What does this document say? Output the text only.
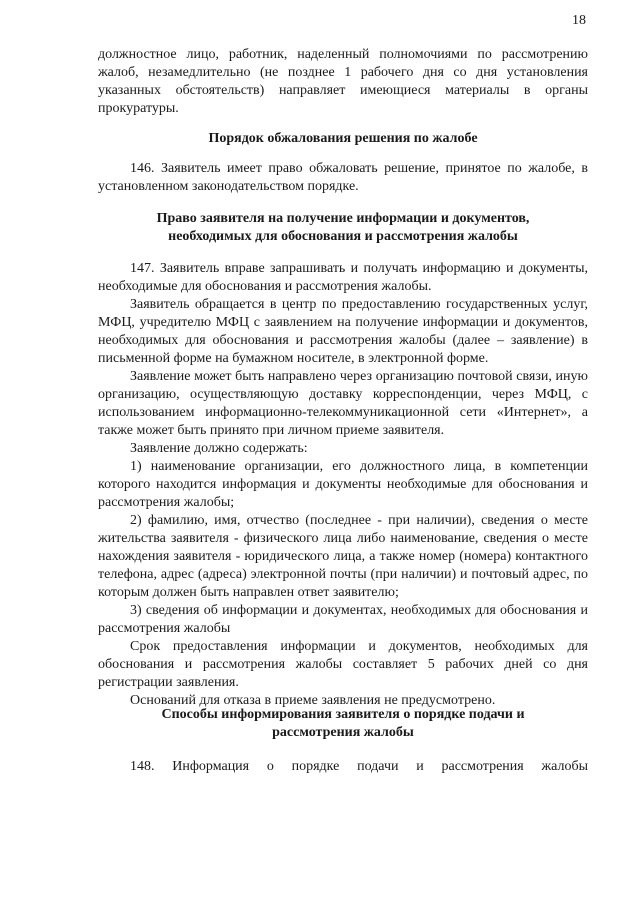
18

должностное лицо, работник, наделенный полномочиями по рассмотрению жалоб, незамедлительно (не позднее 1 рабочего дня со дня установления указанных обстоятельств) направляет имеющиеся материалы в органы прокуратуры.

Порядок обжалования решения по жалобе

146. Заявитель имеет право обжаловать решение, принятое по жалобе, в установленном законодательством порядке.

Право заявителя на получение информации и документов,
необходимых для обоснования и рассмотрения жалобы

147. Заявитель вправе запрашивать и получать информацию и документы, необходимые для обоснования и рассмотрения жалобы.

Заявитель обращается в центр по предоставлению государственных услуг, МФЦ, учредителю МФЦ с заявлением на получение информации и документов, необходимых для обоснования и рассмотрения жалобы (далее – заявление) в письменной форме на бумажном носителе, в электронной форме.

Заявление может быть направлено через организацию почтовой связи, иную организацию, осуществляющую доставку корреспонденции, через МФЦ, с использованием информационно-телекоммуникационной сети «Интернет», а также может быть принято при личном приеме заявителя.

Заявление должно содержать:

1) наименование организации, его должностного лица, в компетенции которого находится информация и документы необходимые для обоснования и рассмотрения жалобы;

2) фамилию, имя, отчество (последнее - при наличии), сведения о месте жительства заявителя - физического лица либо наименование, сведения о месте нахождения заявителя - юридического лица, а также номер (номера) контактного телефона, адрес (адреса) электронной почты (при наличии) и почтовый адрес, по которым должен быть направлен ответ заявителю;

3) сведения об информации и документах, необходимых для обоснования и рассмотрения жалобы

Срок предоставления информации и документов, необходимых для обоснования и рассмотрения жалобы составляет 5 рабочих дней со дня регистрации заявления.

Оснований для отказа в приеме заявления не предусмотрено.

Способы информирования заявителя о порядке подачи и
рассмотрения жалобы

148. Информация о порядке подачи и рассмотрения жалобы
